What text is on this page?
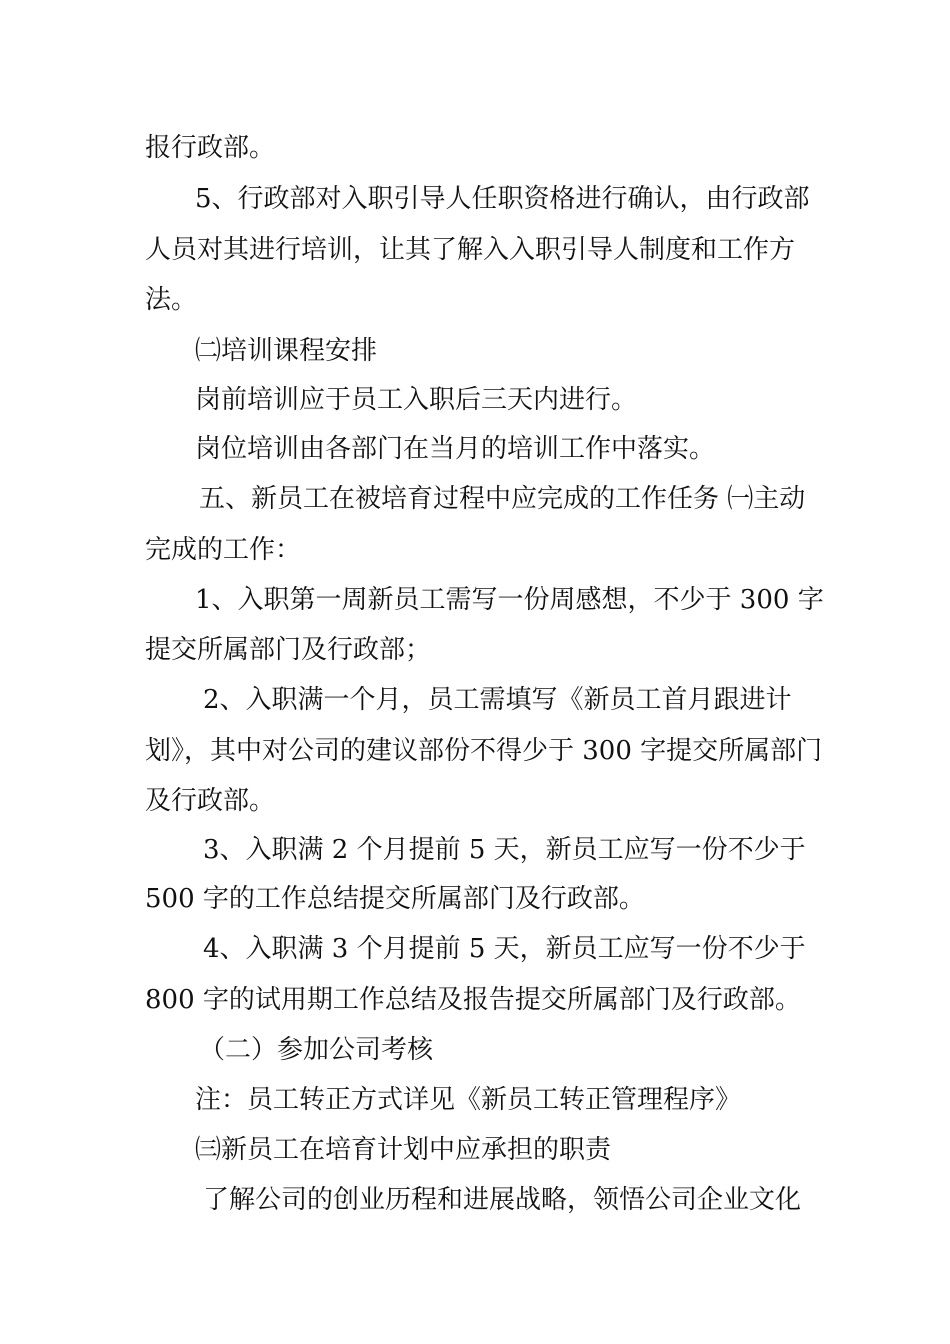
报行政部。
5、行政部对入职引导人任职资格进行确认，由行政部
人员对其进行培训，让其了解入入职引导人制度和工作方
法。
㈡培训课程安排
岗前培训应于员工入职后三天内进行。
岗位培训由各部门在当月的培训工作中落实。
五、新员工在被培育过程中应完成的工作任务 ㈠主动
完成的工作：
1、入职第一周新员工需写一份周感想，不少于 300 字
提交所属部门及行政部；
2、入职满一个月，员工需填写《新员工首月跟进计
划》，其中对公司的建议部份不得少于 300 字提交所属部门
及行政部。
3、入职满 2 个月提前 5 天，新员工应写一份不少于
500 字的工作总结提交所属部门及行政部。
4、入职满 3 个月提前 5 天，新员工应写一份不少于
800 字的试用期工作总结及报告提交所属部门及行政部。
（二）参加公司考核
注：员工转正方式详见《新员工转正管理程序》
㈢新员工在培育计划中应承担的职责
了解公司的创业历程和进展战略，领悟公司企业文化
